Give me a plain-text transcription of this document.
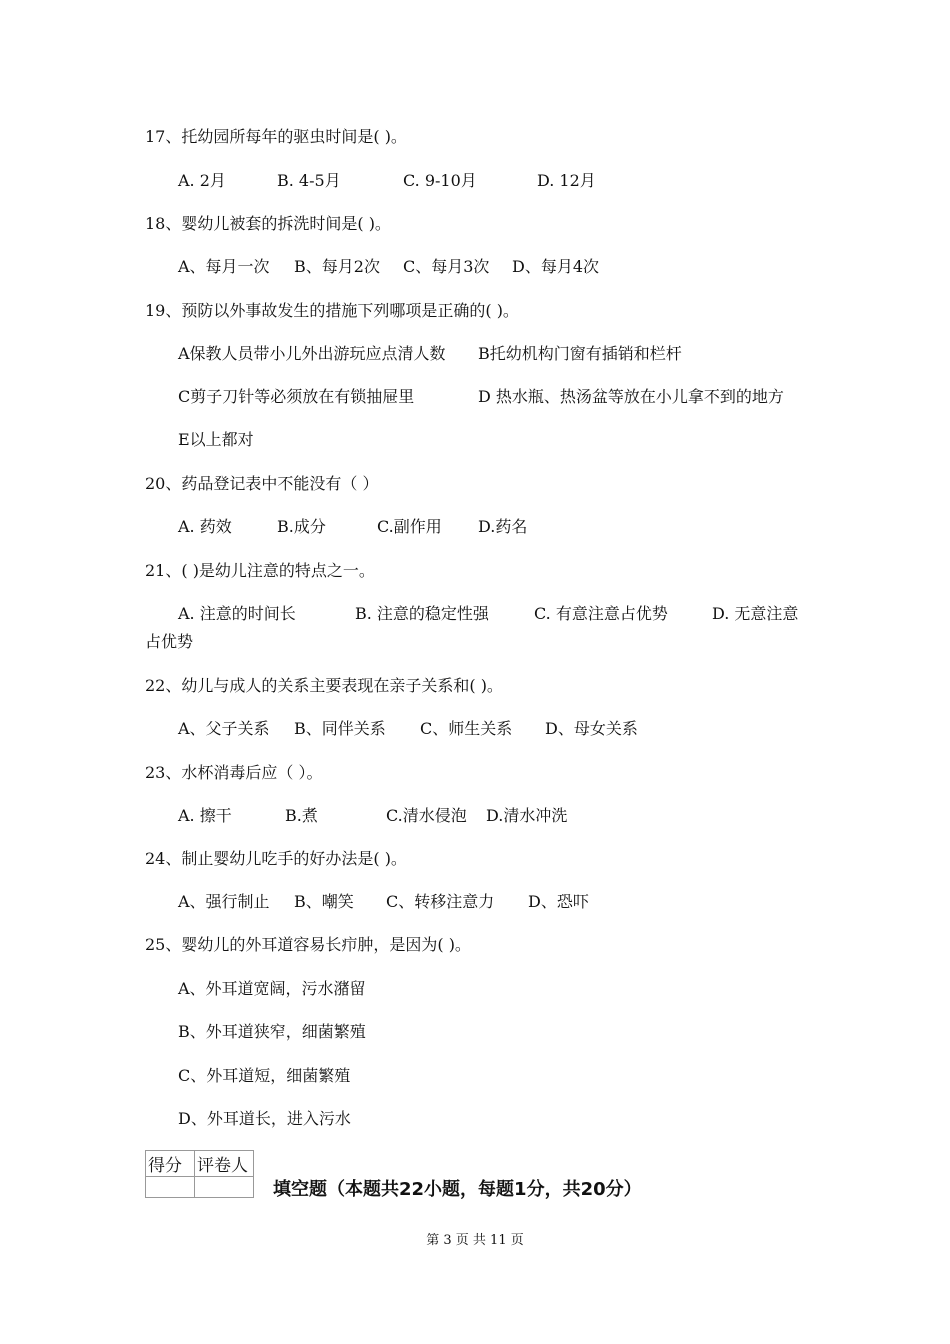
17、托幼园所每年的驱虫时间是( )。
A. 2月	B. 4-5月	C. 9-10月	D. 12月
18、婴幼儿被套的拆洗时间是( )。
A、每月一次 B、每月2次 C、每月3次 D、每月4次
19、预防以外事故发生的措施下列哪项是正确的( )。
A保教人员带小儿外出游玩应点清人数 B托幼机构门窗有插销和栏杆
C剪子刀针等必须放在有锁抽屉里	D 热水瓶、热汤盆等放在小儿拿不到的地方
E以上都对
20、药品登记表中不能没有（ ）
A. 药效	B.成分	C.副作用 D.药名
21、( )是幼儿注意的特点之一。
A. 注意的时间长	B. 注意的稳定性强	C. 有意注意占优势	D. 无意注意
占优势
22、幼儿与成人的关系主要表现在亲子关系和( )。
A、父子关系 B、同伴关系 C、师生关系 D、母女关系
23、水杯消毒后应（ ）。
A. 擦干	B.煮	C.清水侵泡 D.清水冲洗
24、制止婴幼儿吃手的好办法是( )。
A、强行制止 B、嘲笑 C、转移注意力 D、恐吓
25、婴幼儿的外耳道容易长疖肿，是因为( )。
A、外耳道宽阔，污水潴留
B、外耳道狭窄，细菌繁殖
C、外耳道短，细菌繁殖
D、外耳道长，进入污水
得分	评卷人

填空题（本题共22小题，每题1分，共20分）
第 3 页 共 11 页
